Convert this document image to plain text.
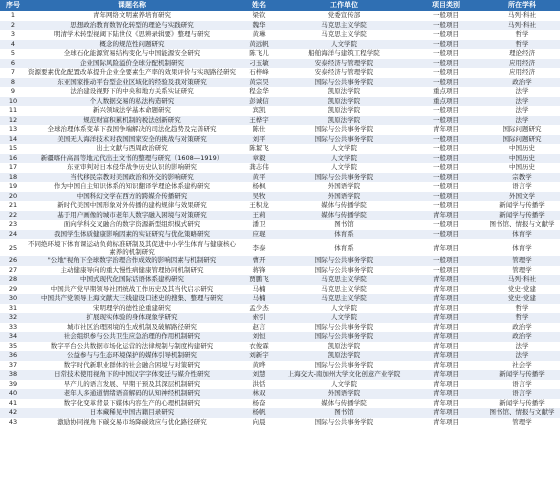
序号	课题名称	姓名	工作单位	项目类别	所在学科
1	青年网络文明素养培育研究	梁钦	党委宣传部	一般项目	马列·科社
2	思想政治教育数智化转型的理论与实践研究	魏华	马克思主义学院	一般项目	马列·科社
3	明清学术转型视阈下陆世仪《思辨录辑要》整理与研究	黄琳	马克思主义学院	一般项目	哲学
4	概念的规范性问题研究	黄远帆	人文学院	一般项目	哲学
5	全球石化能源贸易结构变化与中国能源安全研究	陈飞儿	船舶海洋与建筑工程学院	一般项目	理论经济
6	企业国际风险溢价全球分配机制研究	刁玉敏	安泰经济与管理学院	一般项目	应用经济
7	资源要素优化配置改革提升企业全要素生产率的效果评价与实现路径研究	石梓峰	安泰经济与管理学院	一般项目	应用经济
8	东亚国家推动平台型企业区域化的经验及我对策研究	黄宗昊	国际与公共事务学院	一般项目	政治学
9	法治建设视野下的中央和地方关系实证研究	程金华	凯原法学院	重点项目	法学
10	个人数据交易的私法构造研究	彭诚信	凯原法学院	重点项目	法学
11	新兴领域法学基本命题研究	宾凯	凯原法学院	一般项目	法学
12	规范财富积累机制的税法创新研究	王桦宇	凯原法学院	一般项目	法学
13	全球治理体系变革下我国争端解决的司法化趋势及完善研究	陈仕	国际与公共事务学院	青年项目	国际问题研究
14	美国无人海洋技术对我国国家安全的挑战与对策研究	刘平	国际与公共事务学院	一般项目	国际问题研究
15	出土文献与西周政治研究	陈絜飞	人文学院	一般项目	中国历史
16	新疆喀什高昌等地元代出土文书的整理与研究（1608—1919）	章毅	人文学院	一般项目	中国历史
17	东亚审判对日本侵华战争历史认识的影响研究	龚志伟	人文学院	一般项目	中国历史
18	当代移民宗教对美国政治和外交的影响研究	黄平	国际与公共事务学院	一般项目	宗教学
19	作为中国自主知识体系的知识翻译学理论体系建构研究	杨枫	外国语学院	一般项目	语言学
20	中国科幻文学在西方的跨媒介传播研究	吴牧	外国语学院	一般项目	外国文学
21	新时代美国中国形象对外传播的建构规律与效果研究	王积龙	媒体与传播学院	一般项目	新闻学与传播学
22	基于用户画像的城市老年人数字融入困境与对策研究	王莉	媒体与传播学院	青年项目	新闻学与传播学
23	面向学科交叉融合的数字资源新型组织模式研究	潘卫	图书馆	一般项目	图书馆、情报与文献学
24	我国学生体质健康影响因素的实证研究与优化策略研究	应琨	体育系	一般项目	体育学
25	不同绝环境下体育课运动负荷标准研制及其促进中小学生体育与健康核心素养的机制研究	李泰	体育系	青年项目	体育学
26	"公地"视角下全球数字治理合作成效的影响因素与机制研究	曹开	国际与公共事务学院	一般项目	管理学
27	主动健康导向的重大慢性病健康管理协同机制研究	蒋锋	国际与公共事务学院	一般项目	管理学
28	中国式现代化国际话语体系建构研究	贾鹏飞	马克思主义学院	青年项目	马列·科社
29	中国共产党早期领导社团统战工作历史及其当代启示研究	马楠	马克思主义学院	青年项目	党史·党建
30	中国共产党领导上海文献大三线建设口述史的搜集、整理与研究	马楠	马克思主义学院	青年项目	党史·党建
31	宋明理学的德性论重建研究	孟少杰	人文学院	青年项目	哲学
32	扩展现实体验的身体现象学研究	索引	人文学院	青年项目	哲学
33	城市社区治理困境的生成机制及破解路径研究	赵言	国际与公共事务学院	青年项目	政治学
34	社会组织参与公共卫生应急治理的作用机制研究	刘恒	国际与公共事务学院	青年项目	政治学
35	数字平台公共数据市场化运营的法律规制与制度构建研究	衣俊霖	凯原法学院	青年项目	法学
36	公益参与与生态环境保护的媒体引导机制研究	刘新宇	凯原法学院	青年项目	法学
37	数字时代新职业群体的社会融合困境与对策研究	黄晔	国际与公共事务学院	青年项目	社会学
38	日常技术使用视角下的中国汉字字体变迁与媒介性研究	刘慧	上海交大-南加州大学文化创意产业学院	青年项目	新闻学与传播学
39	早产儿的语言发展、早期干预及其深层机制研究	洪恬	人文学院	青年项目	语言学
40	老年人多通道情绪语音解码的认知神经机制研究	林双	外国语学院	青年项目	语言学
41	数字化变革背景下媒体内容生产的心理机制研究	杨奋	媒体与传播学院	青年项目	新闻学与传播学
42	日本藏稀见中国古籍目录研究	杨帆	图书馆	青年项目	图书馆、情报与文献学
43	激励协同视角下碳交易市场降碳效应与优化路径研究	向晨	国际与公共事务学院	青年项目	管理学
